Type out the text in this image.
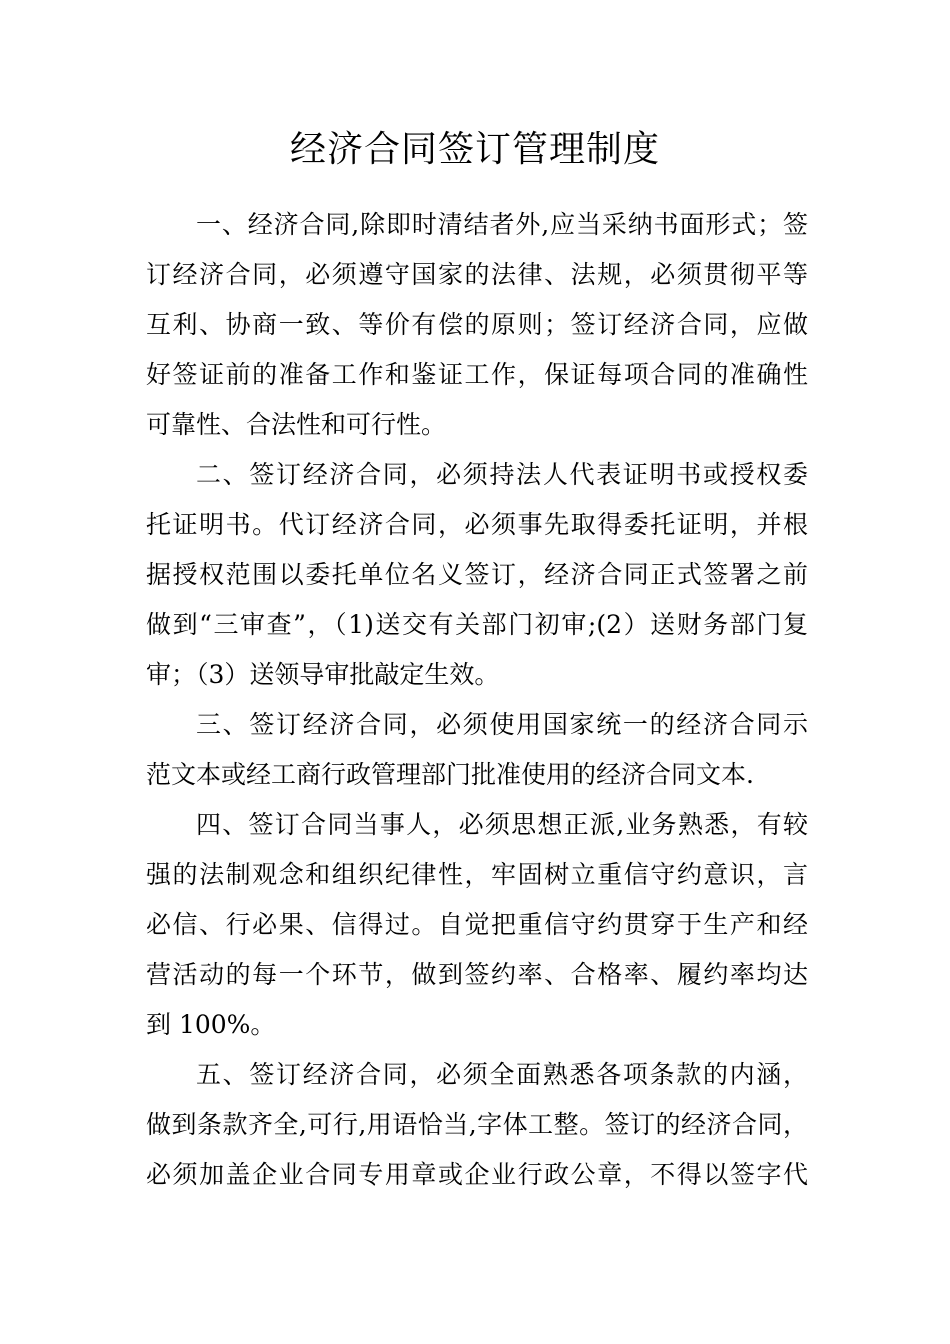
经济合同签订管理制度
一、经济合同,除即时清结者外,应当采纳书面形式；签
订经济合同，必须遵守国家的法律、法规，必须贯彻平等
互利、协商一致、等价有偿的原则；签订经济合同，应做
好签证前的准备工作和鉴证工作，保证每项合同的准确性
可靠性、合法性和可行性。
二、签订经济合同，必须持法人代表证明书或授权委
托证明书。代订经济合同，必须事先取得委托证明，并根
据授权范围以委托单位名义签订，经济合同正式签署之前
做到“三审查”，（1)送交有关部门初审;(2）送财务部门复
审；（3）送领导审批敲定生效。
三、签订经济合同，必须使用国家统一的经济合同示
范文本或经工商行政管理部门批准使用的经济合同文本.
四、签订合同当事人，必须思想正派,业务熟悉，有较
强的法制观念和组织纪律性，牢固树立重信守约意识，言
必信、行必果、信得过。自觉把重信守约贯穿于生产和经
营活动的每一个环节，做到签约率、合格率、履约率均达
到 100%。
五、签订经济合同，必须全面熟悉各项条款的内涵，
做到条款齐全,可行,用语恰当,字体工整。签订的经济合同，
必须加盖企业合同专用章或企业行政公章，不得以签字代
